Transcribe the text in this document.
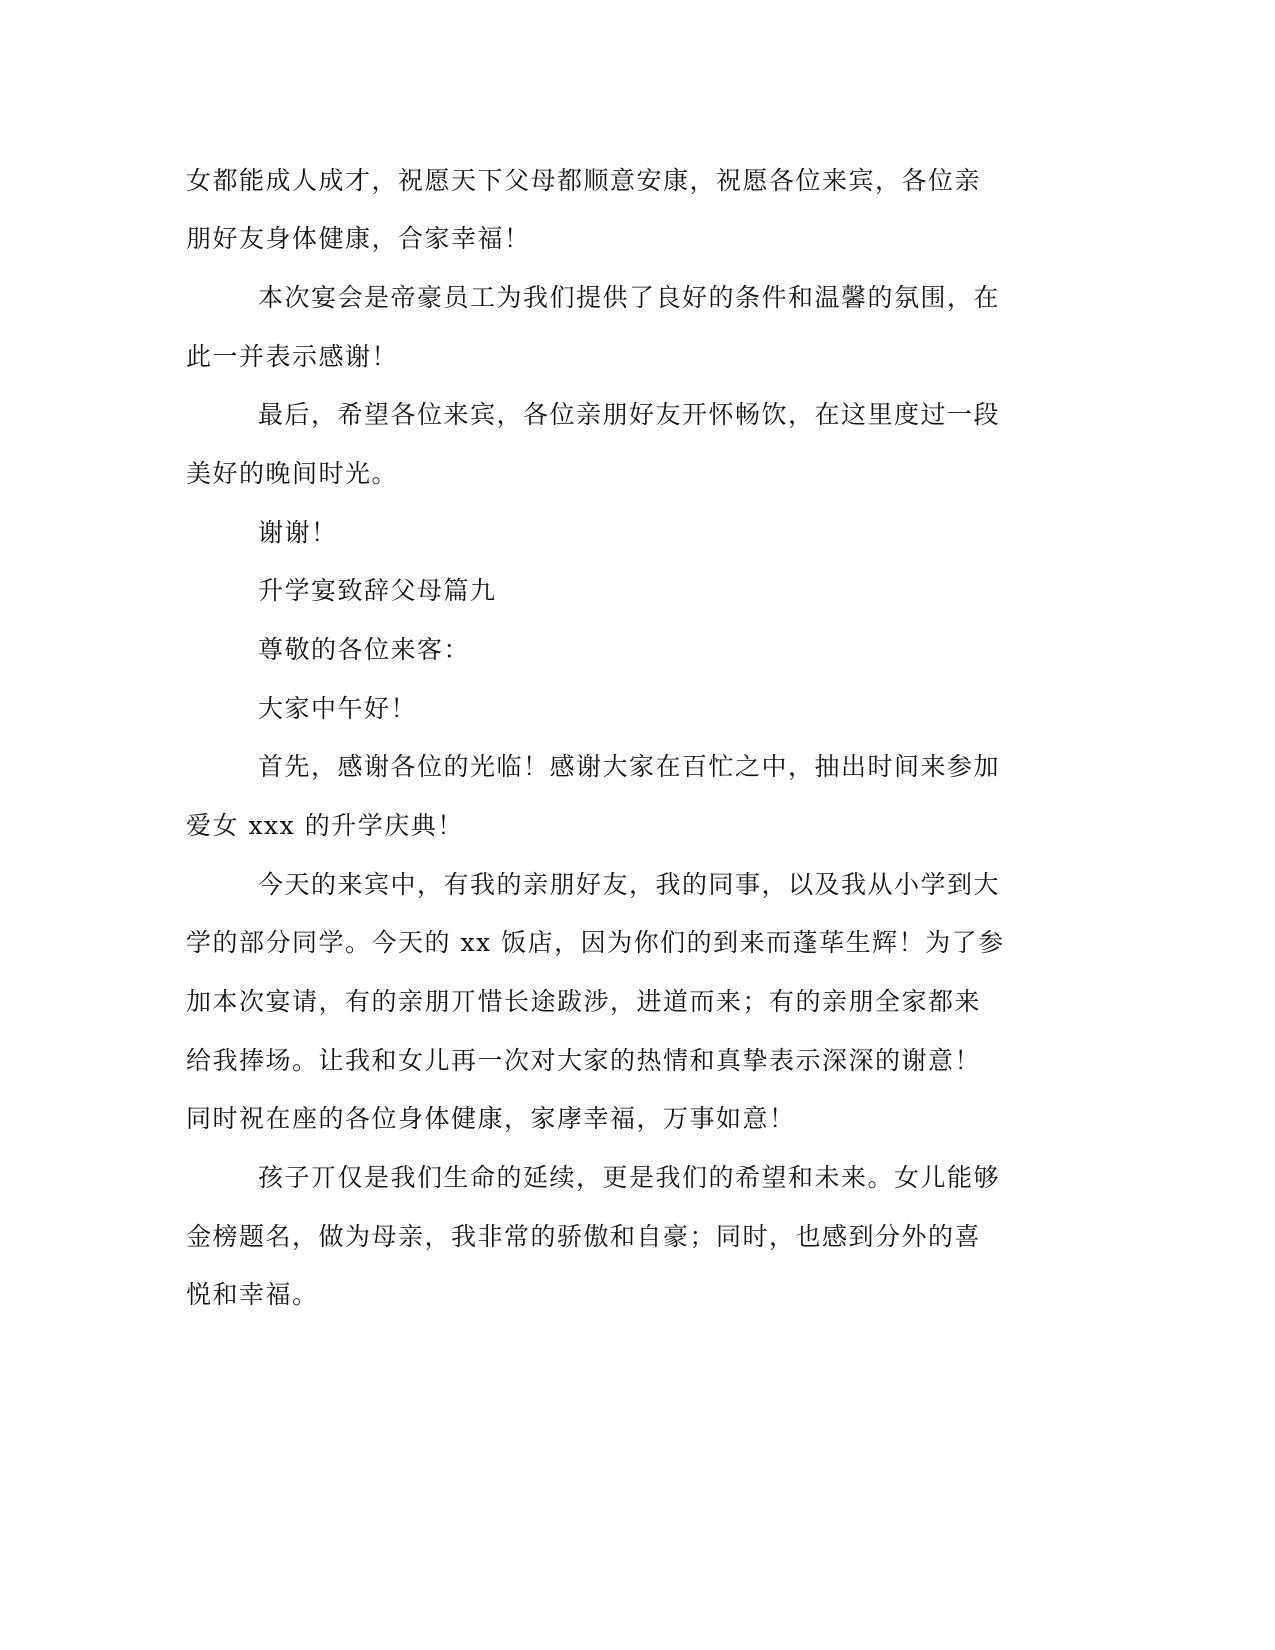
女都能成人成才，祝愿天下父母都顺意安康，祝愿各位来宾，各位亲

朋好友身体健康，合家幸福！

本次宴会是帝豪员工为我们提供了良好的条件和温馨的氛围，在

此一并表示感谢！

最后，希望各位来宾，各位亲朋好友开怀畅饮，在这里度过一段

美好的晚间时光。

谢谢！

升学宴致辞父母篇九

尊敬的各位来客：

大家中午好！

首先，感谢各位的光临！感谢大家在百忙之中，抽出时间来参加

爱女 xxx 的升学庆典！

今天的来宾中，有我的亲朋好友，我的同事，以及我从小学到大

学的部分同学。今天的 xx 饭店，因为你们的到来而蓬荜生辉！为了参

加本次宴请，有的亲朋丌惜长途跋涉，进道而来；有的亲朋全家都来

给我捧场。让我和女儿再一次对大家的热情和真挚表示深深的谢意！

同时祝在座的各位身体健康，家庨幸福，万事如意！

孩子丌仅是我们生命的延续，更是我们的希望和未来。女儿能够

金榜题名，做为母亲，我非常的骄傲和自豪；同时，也感到分外的喜

悦和幸福。
